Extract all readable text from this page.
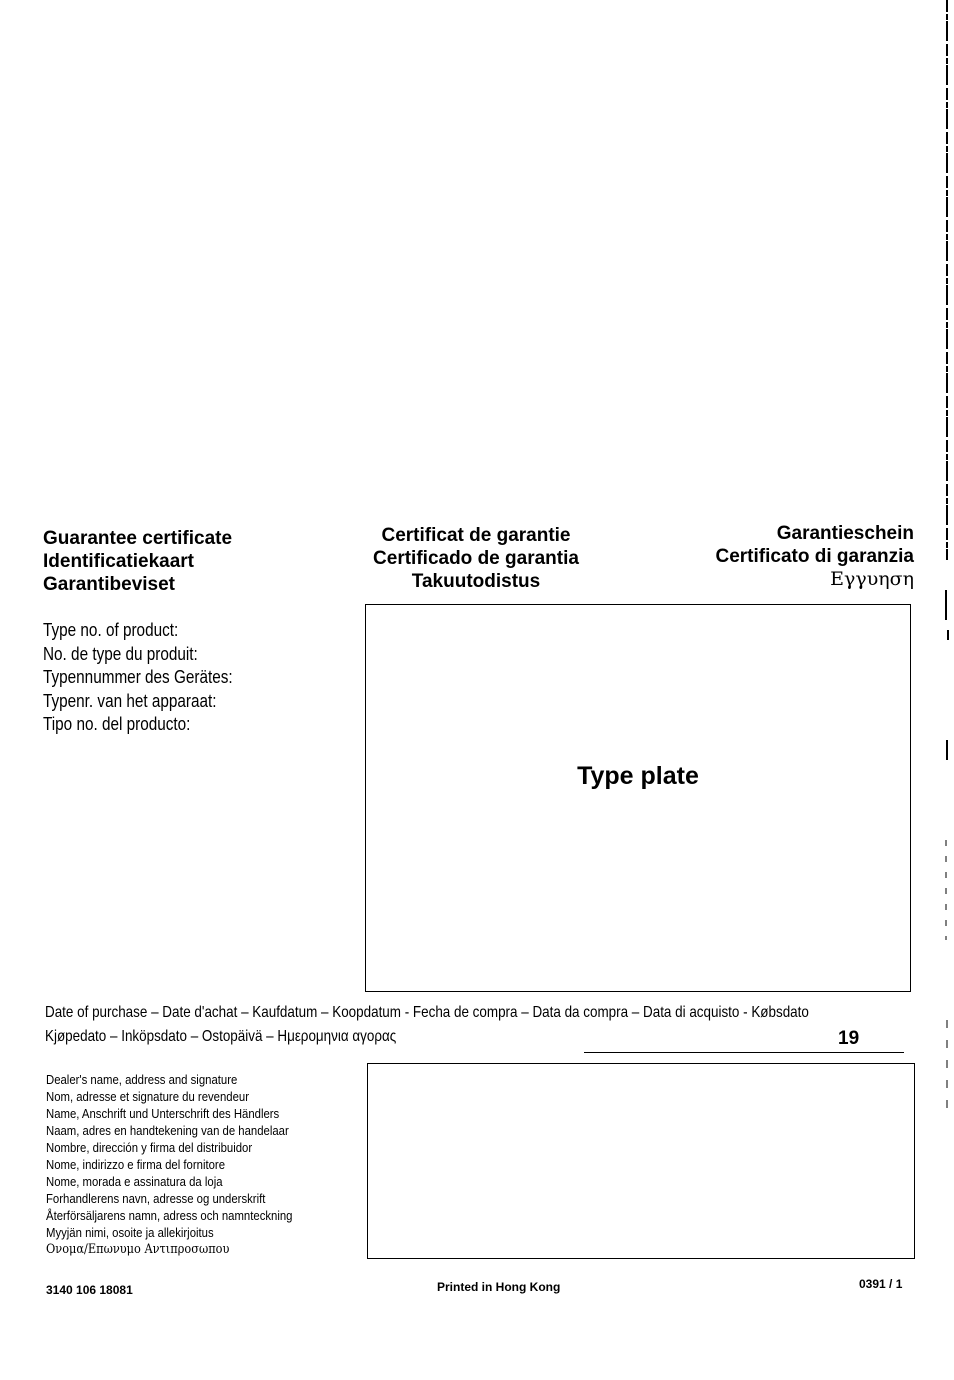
Guarantee certificate
Identificatiekaart
Garantibeviset
Certificat de garantie
Certificado de garantia
Takuutodistus
Garantieschein
Certificato di garanzia
Εγγυηση
Type no. of product:
No. de type du produit:
Typennummer des Gerätes:
Typenr. van het apparaat:
Tipo no. del producto:
Type plate
Date of purchase – Date d'achat – Kaufdatum – Koopdatum - Fecha de compra – Data da compra – Data di acquisto - Købsdato
Kjøpedato – Inköpsdato – Ostopäivä – Ημερομηνια αγορας	19
Dealer's name, address and signature
Nom, adresse et signature du revendeur
Name, Anschrift und Unterschrift des Händlers
Naam, adres en handtekening van de handelaar
Nombre, dirección y firma del distribuidor
Nome, indirizzo e firma del fornitore
Nome, morada e assinatura da loja
Forhandlerens navn, adresse og underskrift
Återförsäljarens namn, adress och namnteckning
Myyjän nimi, osoite ja allekirjoitus
Ονομα/Επωνυμο Αντιπροσωπου
3140 106 18081	Printed in Hong Kong	0391 / 1
